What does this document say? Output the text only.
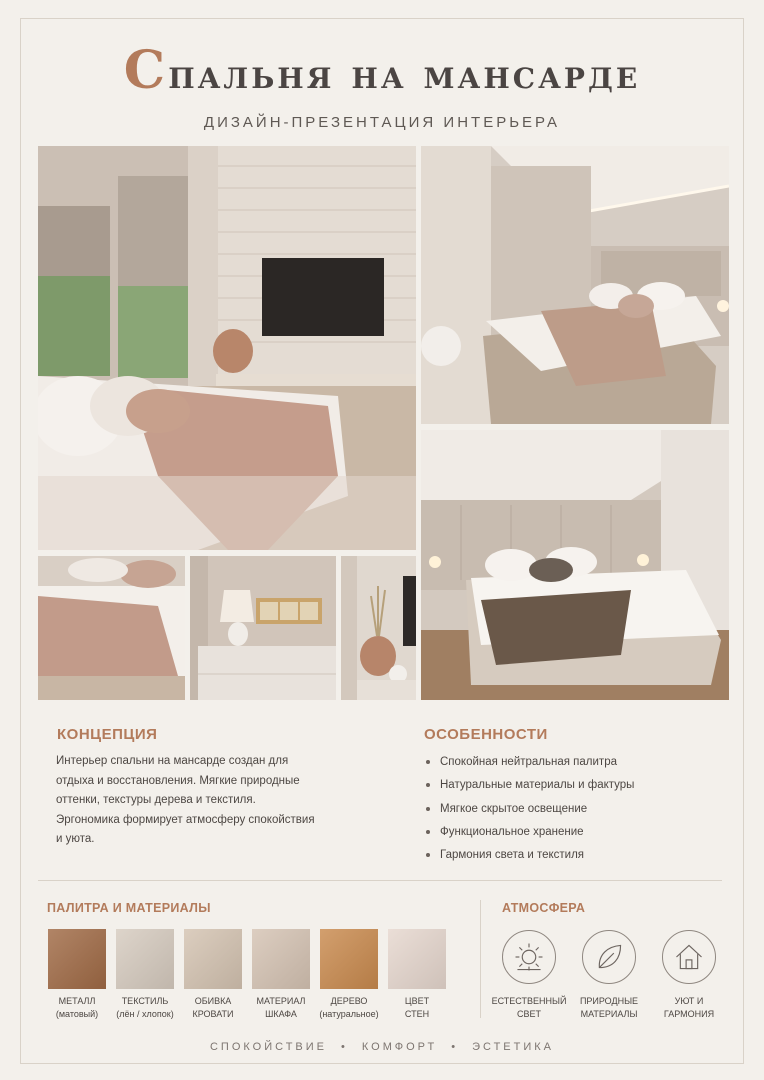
Спальня на мансарде
ДИЗАЙН-ПРЕЗЕНТАЦИЯ ИНТЕРЬЕРА
КОНЦЕПЦИЯ
Интерьер спальни на мансарде создан для
отдыха и восстановления. Мягкие природные
оттенки, текстуры дерева и текстиля.
Эргономика формирует атмосферу спокойствия
и уюта.
ОСОБЕННОСТИ
Спокойная нейтральная палитра
Натуральные материалы и фактуры
Мягкое скрытое освещение
Функциональное хранение
Гармония света и текстиля
ПАЛИТРА И МАТЕРИАЛЫ
МЕТАЛЛ
(матовый)
ТЕКСТИЛЬ
(лён / хлопок)
ОБИВКА
КРОВАТИ
МАТЕРИАЛ
ШКАФА
ДЕРЕВО
(натуральное)
ЦВЕТ
СТЕН
АТМОСФЕРА
ЕСТЕСТВЕННЫЙ
СВЕТ
ПРИРОДНЫЕ
МАТЕРИАЛЫ
УЮТ И
ГАРМОНИЯ
СПОКОЙСТВИЕ • КОМФОРТ • ЭСТЕТИКА
